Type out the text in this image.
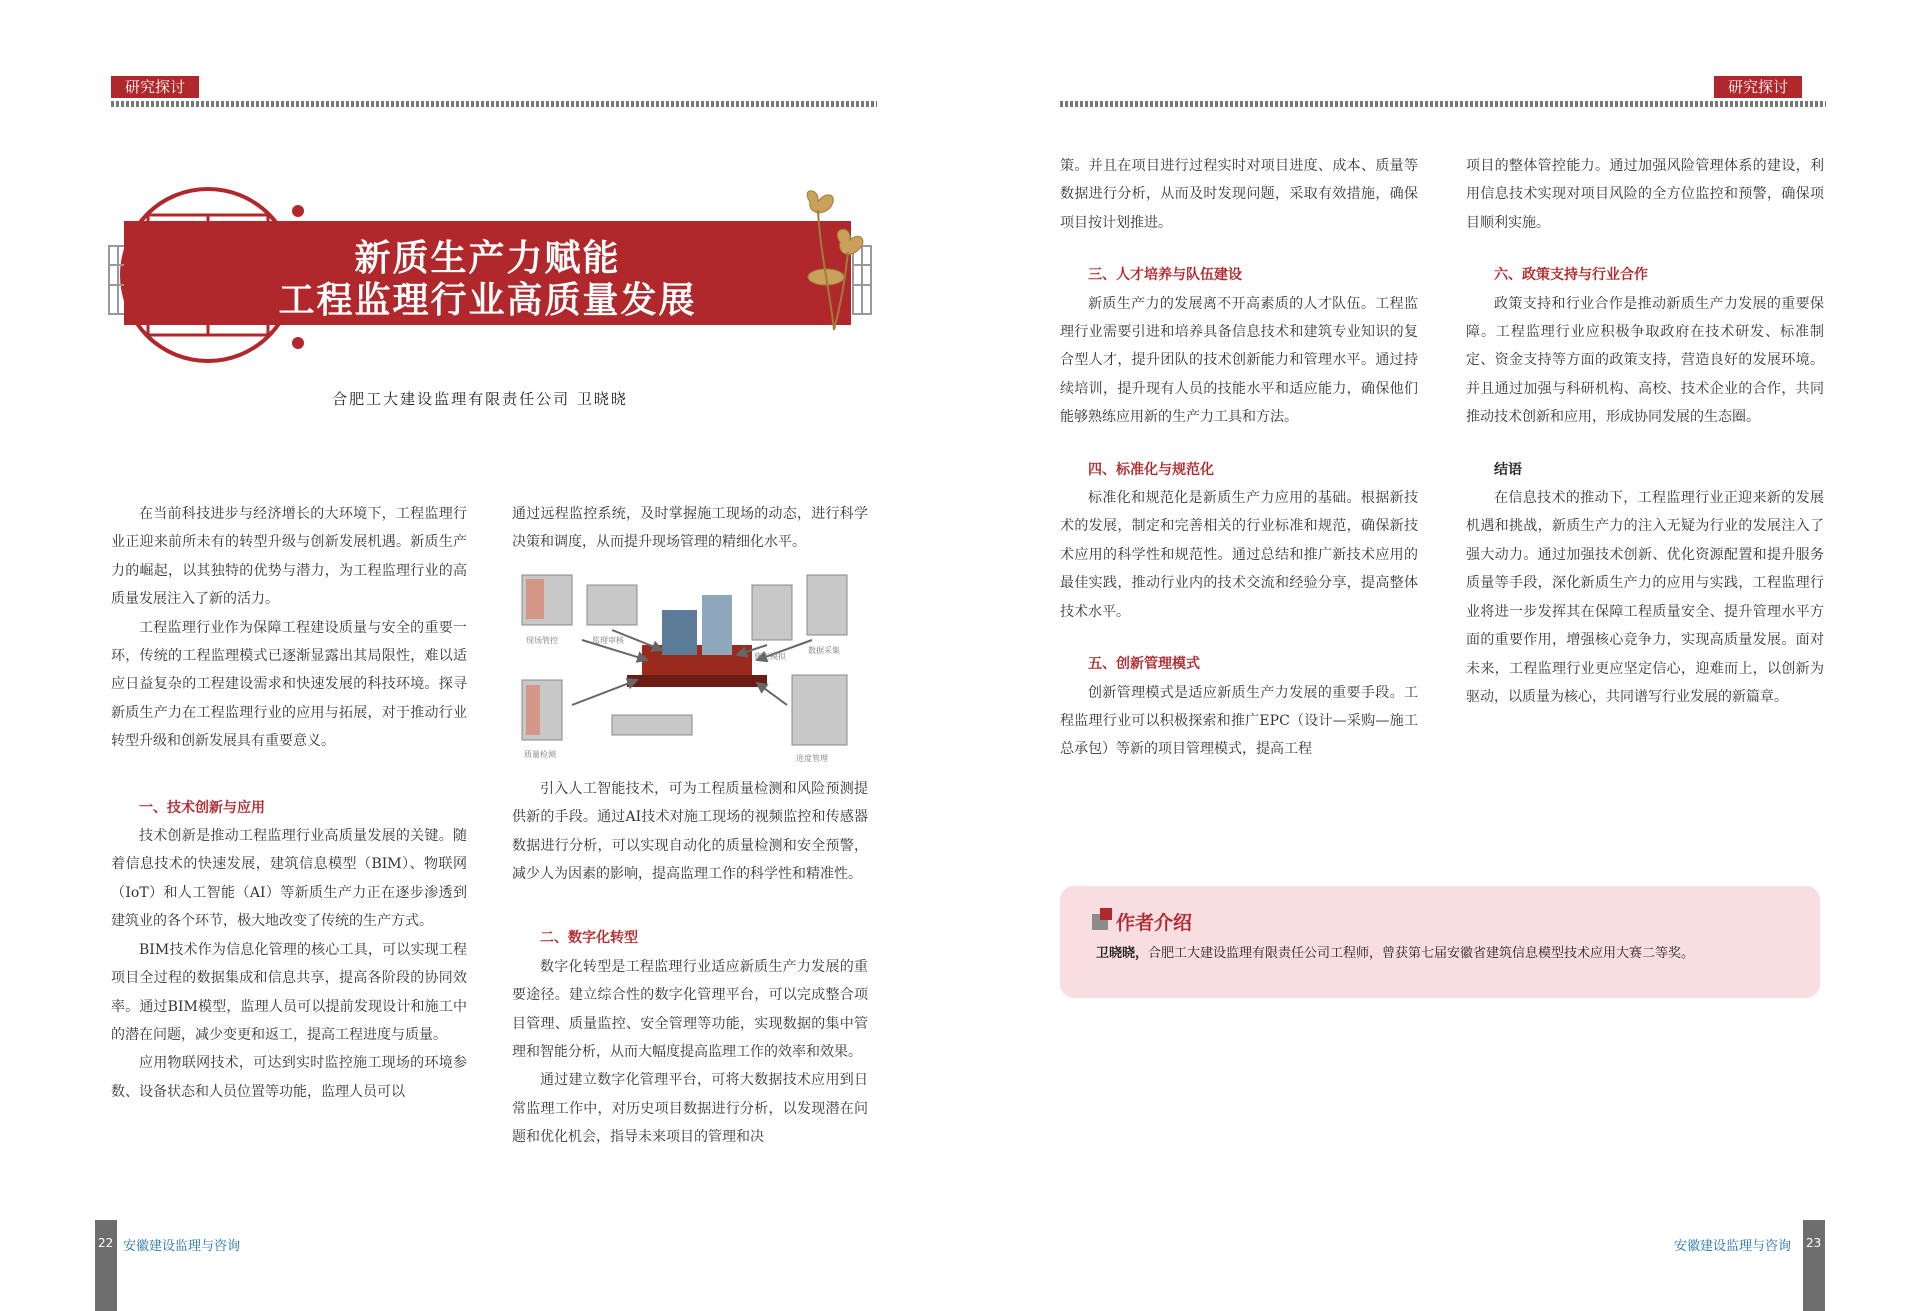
研究探讨
新质生产力赋能
工程监理行业高质量发展
合肥工大建设监理有限责任公司 卫晓晓

在当前科技进步与经济增长的大环境下，工程监理行业正迎来前所未有的转型升级与创新发展机遇。新质生产力的崛起，以其独特的优势与潜力，为工程监理行业的高质量发展注入了新的活力。

工程监理行业作为保障工程建设质量与安全的重要一环，传统的工程监理模式已逐渐显露出其局限性，难以适应日益复杂的工程建设需求和快速发展的科技环境。探寻新质生产力在工程监理行业的应用与拓展，对于推动行业转型升级和创新发展具有重要意义。

一、技术创新与应用

技术创新是推动工程监理行业高质量发展的关键。随着信息技术的快速发展，建筑信息模型（BIM）、物联网（IoT）和人工智能（AI）等新质生产力正在逐步渗透到建筑业的各个环节，极大地改变了传统的生产方式。

BIM技术作为信息化管理的核心工具，可以实现工程项目全过程的数据集成和信息共享，提高各阶段的协同效率。通过BIM模型，监理人员可以提前发现设计和施工中的潜在问题，减少变更和返工，提高工程进度与质量。

应用物联网技术，可达到实时监控施工现场的环境参数、设备状态和人员位置等功能，监理人员可以

通过远程监控系统，及时掌握施工现场的动态，进行科学决策和调度，从而提升现场管理的精细化水平。

现场管控	监理审核
施工模拟
数据采集
质量检测	进度管理

引入人工智能技术，可为工程质量检测和风险预测提供新的手段。通过AI技术对施工现场的视频监控和传感器数据进行分析，可以实现自动化的质量检测和安全预警，减少人为因素的影响，提高监理工作的科学性和精准性。

二、数字化转型

数字化转型是工程监理行业适应新质生产力发展的重要途径。建立综合性的数字化管理平台，可以完成整合项目管理、质量监控、安全管理等功能，实现数据的集中管理和智能分析，从而大幅度提高监理工作的效率和效果。

通过建立数字化管理平台，可将大数据技术应用到日常监理工作中，对历史项目数据进行分析，以发现潜在问题和优化机会，指导未来项目的管理和决

22 安徽建设监理与咨询
研究探讨

策。并且在项目进行过程实时对项目进度、成本、质量等数据进行分析，从而及时发现问题，采取有效措施，确保项目按计划推进。

三、人才培养与队伍建设

新质生产力的发展离不开高素质的人才队伍。工程监理行业需要引进和培养具备信息技术和建筑专业知识的复合型人才，提升团队的技术创新能力和管理水平。通过持续培训，提升现有人员的技能水平和适应能力，确保他们能够熟练应用新的生产力工具和方法。

四、标准化与规范化

标准化和规范化是新质生产力应用的基础。根据新技术的发展，制定和完善相关的行业标准和规范，确保新技术应用的科学性和规范性。通过总结和推广新技术应用的最佳实践，推动行业内的技术交流和经验分享，提高整体技术水平。

五、创新管理模式

创新管理模式是适应新质生产力发展的重要手段。工程监理行业可以积极探索和推广EPC（设计—采购—施工总承包）等新的项目管理模式，提高工程

项目的整体管控能力。通过加强风险管理体系的建设，利用信息技术实现对项目风险的全方位监控和预警，确保项目顺利实施。

六、政策支持与行业合作

政策支持和行业合作是推动新质生产力发展的重要保障。工程监理行业应积极争取政府在技术研发、标准制定、资金支持等方面的政策支持，营造良好的发展环境。并且通过加强与科研机构、高校、技术企业的合作，共同推动技术创新和应用，形成协同发展的生态圈。

结语

在信息技术的推动下，工程监理行业正迎来新的发展机遇和挑战，新质生产力的注入无疑为行业的发展注入了强大动力。通过加强技术创新、优化资源配置和提升服务质量等手段，深化新质生产力的应用与实践，工程监理行业将进一步发挥其在保障工程质量安全、提升管理水平方面的重要作用，增强核心竞争力，实现高质量发展。面对未来，工程监理行业更应坚定信心，迎难而上，以创新为驱动，以质量为核心，共同谱写行业发展的新篇章。

作者介绍
卫晓晓，合肥工大建设监理有限责任公司工程师，曾获第七届安徽省建筑信息模型技术应用大赛二等奖。
23
安徽建设监理与咨询
